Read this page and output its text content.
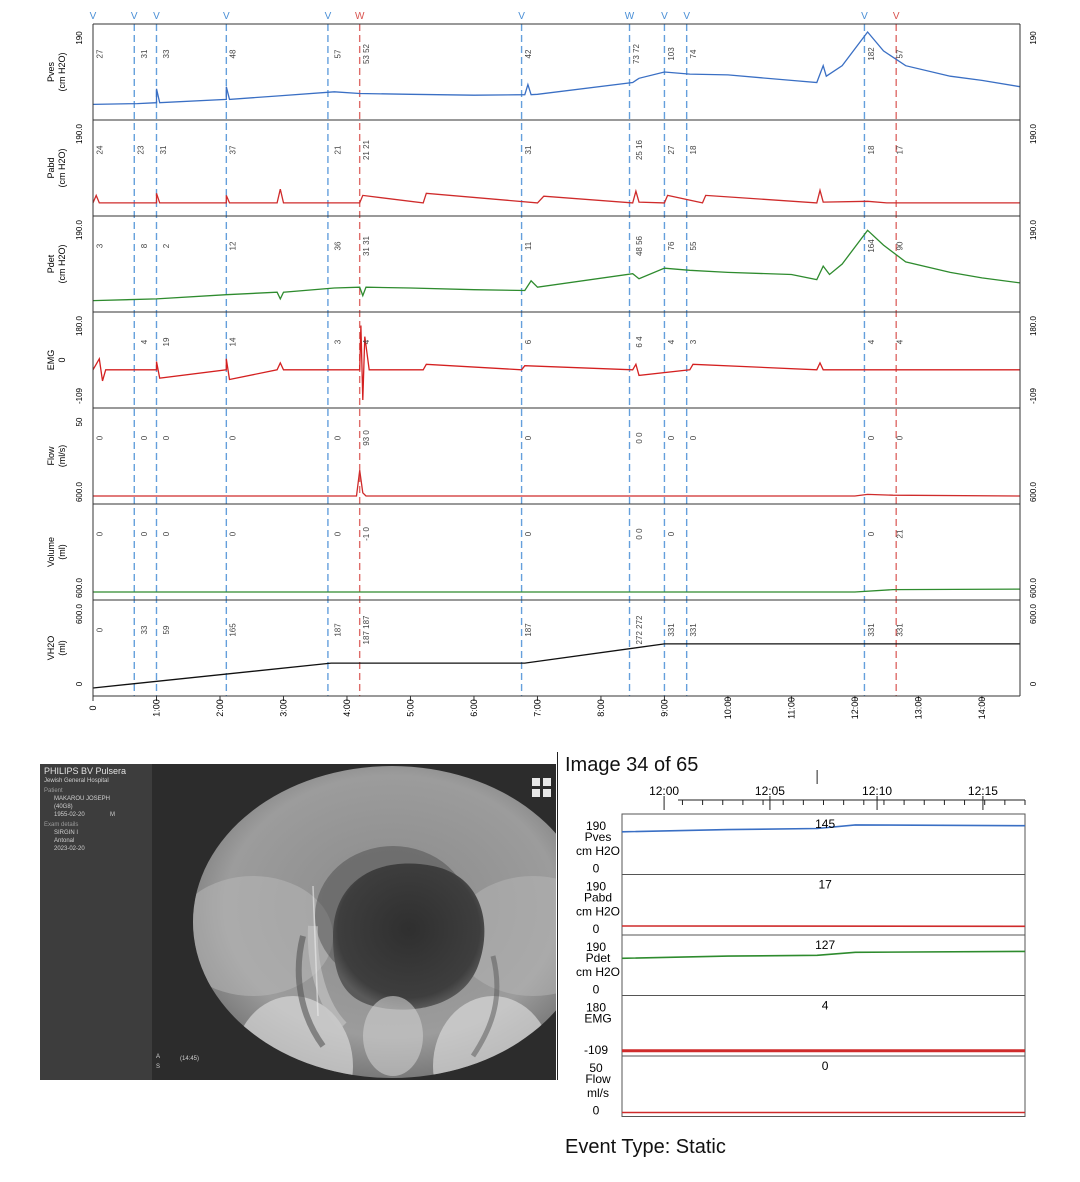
V	V V	V	V W	V	W	V V	V	V
Pves (cm H2O)
190	190
27	31 33	48	57 53 52	42	73 72	103 74	182 57
Pabd (cm H2O)
190.0	190.0
24	23 31	37	21 21 21	31	25 16	27 18	18 17
Pdet (cm H2O)
190.0	190.0
3	8 2	12	36 31 31	11	48 56	76 55	164 90
EMG 0
180.0
-109
180.0
-109
4 19	14	3 4	6	6 4	4 3	4 4
Flow (ml/s)
50
600.0	600.0
0	0 0	0	0 93 0	0	0 0	0 0	0 0
Volume (ml)
600.0	600.0
0	0 0	0	0 -1 0	0	0 0	0	0 21
VH2O (ml)
600.0
0
600.0
0
0	33 59	165	187 187 187	187	272 272	331 331	331 331
0	1:00	2:00	3:00	4:00	5:00	6:00	7:00	8:00	9:00	10:00	11:00	12:00	13:00	14:00
PHILIPS BV Pulsera
Jewish General Hospital
Patient
MAKAROU JOSEPH
(40G8)
1955-02-20	M
Exam details
SIRGIN I
Antonal
2023-02-20
A	(14:45)
S
Image 34 of 65
12:00	12:05	12:10	12:15
190
0
Pves
cm H2O
145
190
0
Pabd
cm H2O
17
190
0
Pdet
cm H2O
127
180
-109
EMG
4
50
0
Flow
ml/s
0
Event Type: Static
